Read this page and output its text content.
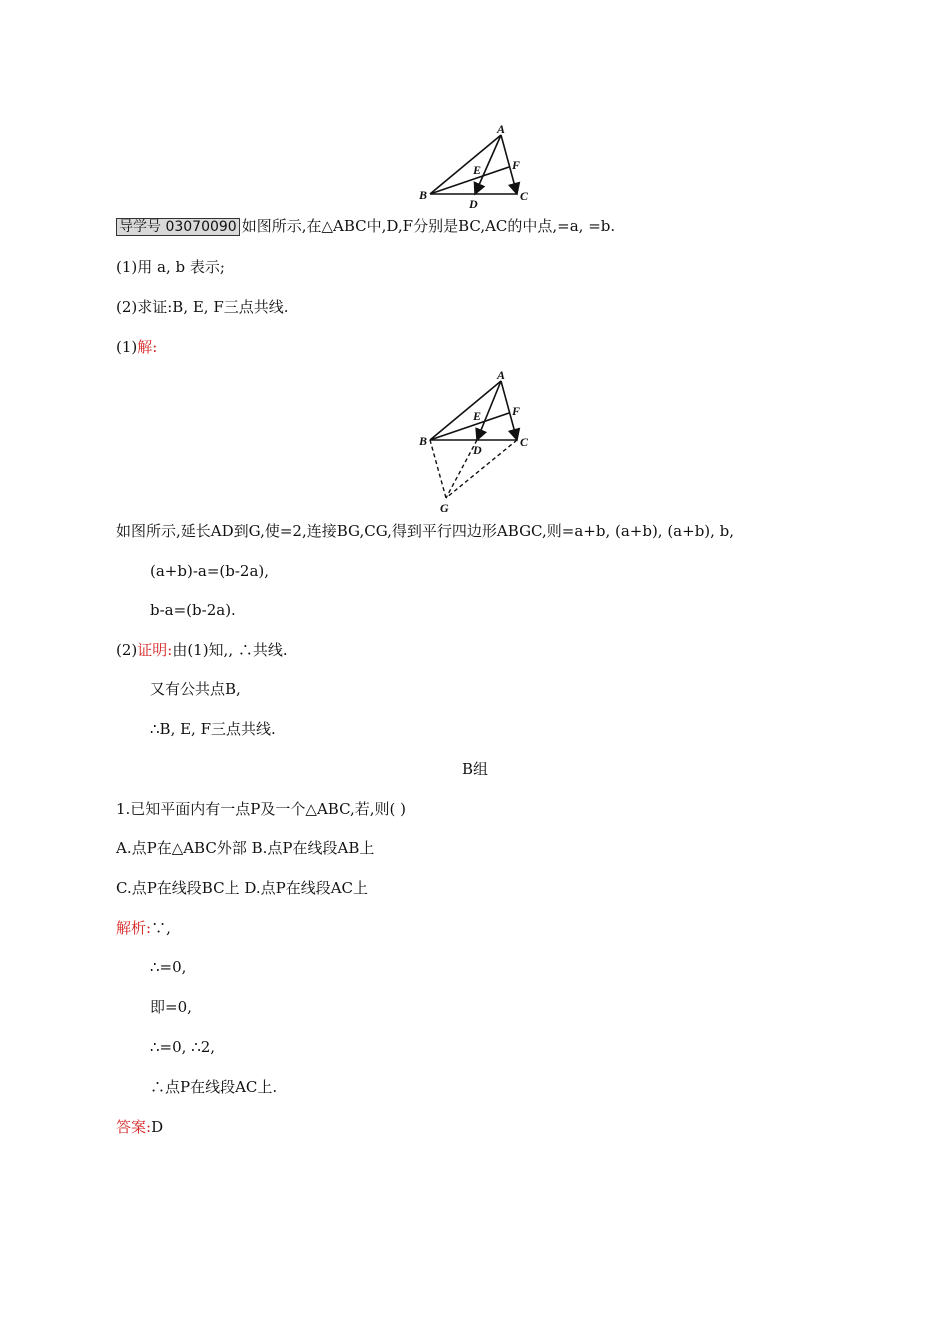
A
B	C
D
E	F
导学号 03070090 如图所示,在△ABC中,D,F分别是BC,AC的中点,=a, =b.
(1)用 a, b 表示;
(2)求证:B, E, F三点共线.
(1)解:
A
B	C
D
E	F
G
如图所示,延长AD到G,使=2,连接BG,CG,得到平行四边形ABGC,则=a+b, (a+b), (a+b), b,
(a+b)-a=(b-2a),
b-a=(b-2a).
(2)证明:由(1)知,, ∴共线.
又有公共点B,
∴B, E, F三点共线.
B组
1.已知平面内有一点P及一个△ABC,若,则( )
A.点P在△ABC外部 B.点P在线段AB上
C.点P在线段BC上 D.点P在线段AC上
解析:∵,
∴=0,
即=0,
∴=0, ∴2,
∴点P在线段AC上.
答案:D
